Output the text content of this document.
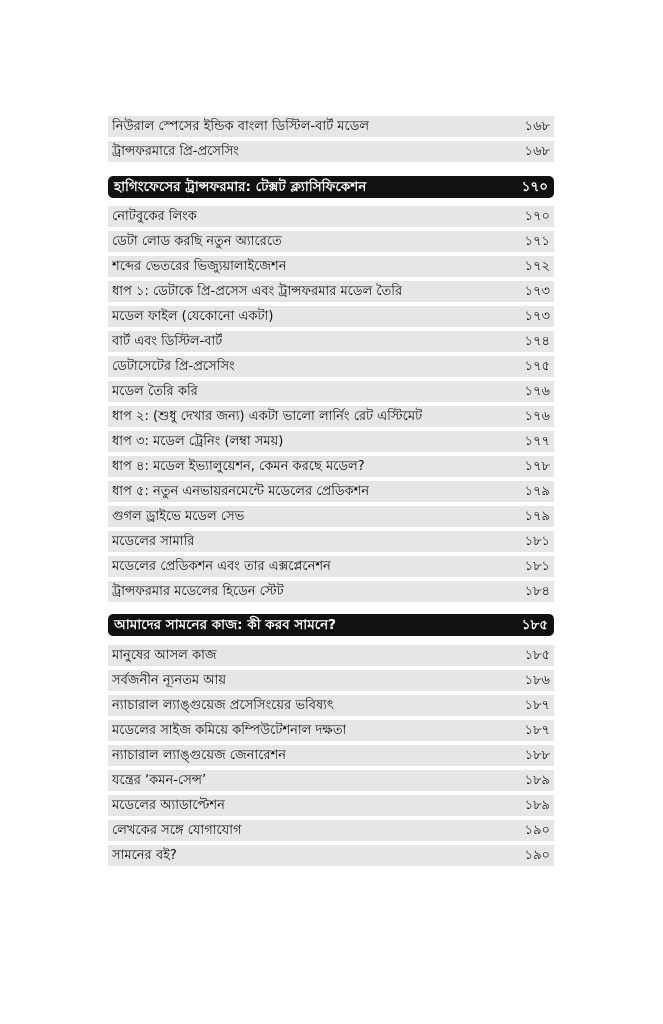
নিউরাল স্পেসের ইন্ডিক বাংলা ডিস্টিল-বার্ট মডেল	১৬৮
ট্রান্সফরমারে প্রি-প্রসেসিং	১৬৮
হাগিংফেসের ট্রান্সফরমার: টেক্সট ক্ল্যাসিফিকেশন	১৭০
নোটবুকের লিংক	১৭০
ডেটা লোড করছি নতুন অ্যারেতে	১৭১
শব্দের ভেতরের ভিজ্যুয়ালাইজেশন	১৭২
ধাপ ১: ডেটাকে প্রি-প্রসেস এবং ট্রান্সফরমার মডেল তৈরি	১৭৩
মডেল ফাইল (যেকোনো একটা)	১৭৩
বার্ট এবং ডিস্টিল-বার্ট	১৭৪
ডেটাসেটের প্রি-প্রসেসিং	১৭৫
মডেল তৈরি করি	১৭৬
ধাপ ২: (শুধু দেখার জন্য) একটা ভালো লার্নিং রেট এস্টিমেট	১৭৬
ধাপ ৩: মডেল ট্রেনিং (লম্বা সময়)	১৭৭
ধাপ ৪: মডেল ইভ্যালুয়েশন, কেমন করছে মডেল?	১৭৮
ধাপ ৫: নতুন এনভায়রনমেন্টে মডেলের প্রেডিকশন	১৭৯
গুগল ড্রাইভে মডেল সেভ	১৭৯
মডেলের সামারি	১৮১
মডেলের প্রেডিকশন এবং তার এক্সপ্লেনেশন	১৮১
ট্রান্সফরমার মডেলের হিডেন স্টেট	১৮৪
আমাদের সামনের কাজ: কী করব সামনে?	১৮৫
মানুষের আসল কাজ	১৮৫
সর্বজনীন ন্যূনতম আয়	১৮৬
ন্যাচারাল ল্যাঙ্গুয়েজ প্রসেসিংয়ের ভবিষ্যৎ	১৮৭
মডেলের সাইজ কমিয়ে কম্পিউটেশনাল দক্ষতা	১৮৭
ন্যাচারাল ল্যাঙ্গুয়েজ জেনারেশন	১৮৮
যন্ত্রের ‘কমন-সেন্স’	১৮৯
মডেলের অ্যাডাপ্টেশন	১৮৯
লেখকের সঙ্গে যোগাযোগ	১৯০
সামনের বই?	১৯০
